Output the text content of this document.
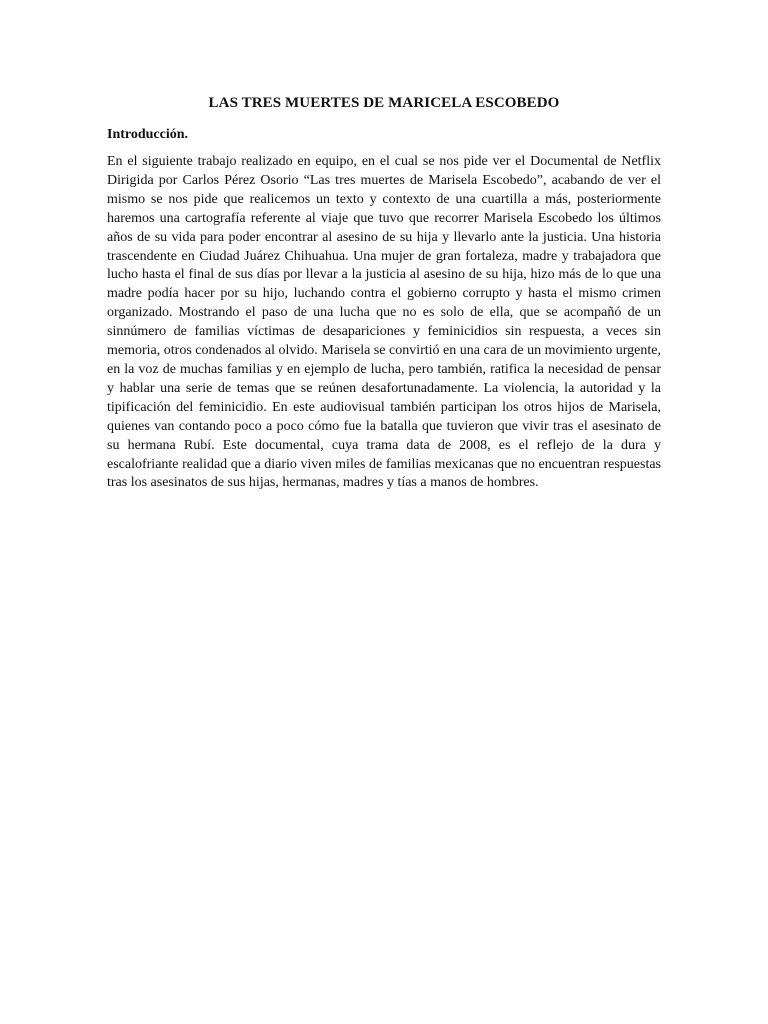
LAS TRES MUERTES DE MARICELA ESCOBEDO

Introducción.

En el siguiente trabajo realizado en equipo, en el cual se nos pide ver el Documental de Netflix Dirigida por Carlos Pérez Osorio “Las tres muertes de Marisela Escobedo”, acabando de ver el mismo se nos pide que realicemos un texto y contexto de una cuartilla a más, posteriormente haremos una cartografía referente al viaje que tuvo que recorrer Marisela Escobedo los últimos años de su vida para poder encontrar al asesino de su hija y llevarlo ante la justicia. Una historia trascendente en Ciudad Juárez Chihuahua. Una mujer de gran fortaleza, madre y trabajadora que lucho hasta el final de sus días por llevar a la justicia al asesino de su hija, hizo más de lo que una madre podía hacer por su hijo, luchando contra el gobierno corrupto y hasta el mismo crimen organizado. Mostrando el paso de una lucha que no es solo de ella, que se acompañó de un sinnúmero de familias víctimas de desapariciones y feminicidios sin respuesta, a veces sin memoria, otros condenados al olvido. Marisela se convirtió en una cara de un movimiento urgente, en la voz de muchas familias y en ejemplo de lucha, pero también, ratifica la necesidad de pensar y hablar una serie de temas que se reúnen desafortunadamente. La violencia, la autoridad y la tipificación del feminicidio. En este audiovisual también participan los otros hijos de Marisela, quienes van contando poco a poco cómo fue la batalla que tuvieron que vivir tras el asesinato de su hermana Rubí. Este documental, cuya trama data de 2008, es el reflejo de la dura y escalofriante realidad que a diario viven miles de familias mexicanas que no encuentran respuestas tras los asesinatos de sus hijas, hermanas, madres y tías a manos de hombres.
